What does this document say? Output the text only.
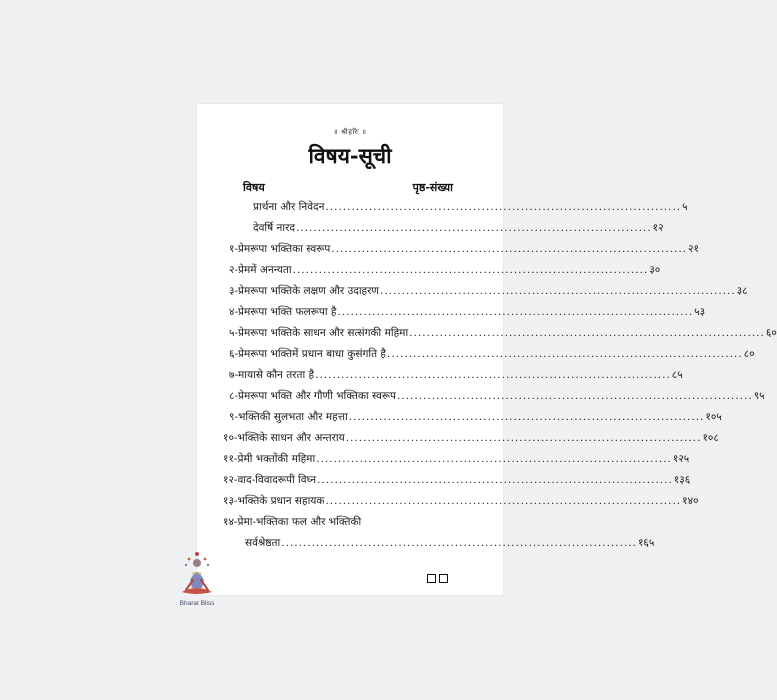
॥ श्रीहरिः ॥
विषय-सूची
विषय	पृष्ठ-संख्या
प्रार्थना और निवेदन .................................................................................. ५
देवर्षि नारद .................................................................................. १२
१-प्रेमरूपा भक्तिका स्वरूप .................................................................................. २१
२-प्रेममें अनन्यता .................................................................................. ३०
३-प्रेमरूपा भक्तिके लक्षण और उदाहरण .................................................................................. ३८
४-प्रेमरूपा भक्ति फलरूपा है .................................................................................. ५३
५-प्रेमरूपा भक्तिके साधन और सत्संगकी महिमा .................................................................................. ६०
६-प्रेमरूपा भक्तिमें प्रधान बाधा कुसंगति है .................................................................................. ८०
७-मायासे कौन तरता है .................................................................................. ८५
८-प्रेमरूपा भक्ति और गौणी भक्तिका स्वरूप .................................................................................. ९५
९-भक्तिकी सुलभता और महत्ता .................................................................................. १०५
१०-भक्तिके साधन और अन्तराय .................................................................................. १०८
११-प्रेमी भक्तोंकी महिमा .................................................................................. १२५
१२-वाद-विवादरूपी विघ्न .................................................................................. १३६
१३-भक्तिके प्रधान सहायक .................................................................................. १४०
१४-प्रेमा-भक्तिका फल और भक्तिकी
सर्वश्रेष्ठता .................................................................................. १६५
Bharat Bliss
